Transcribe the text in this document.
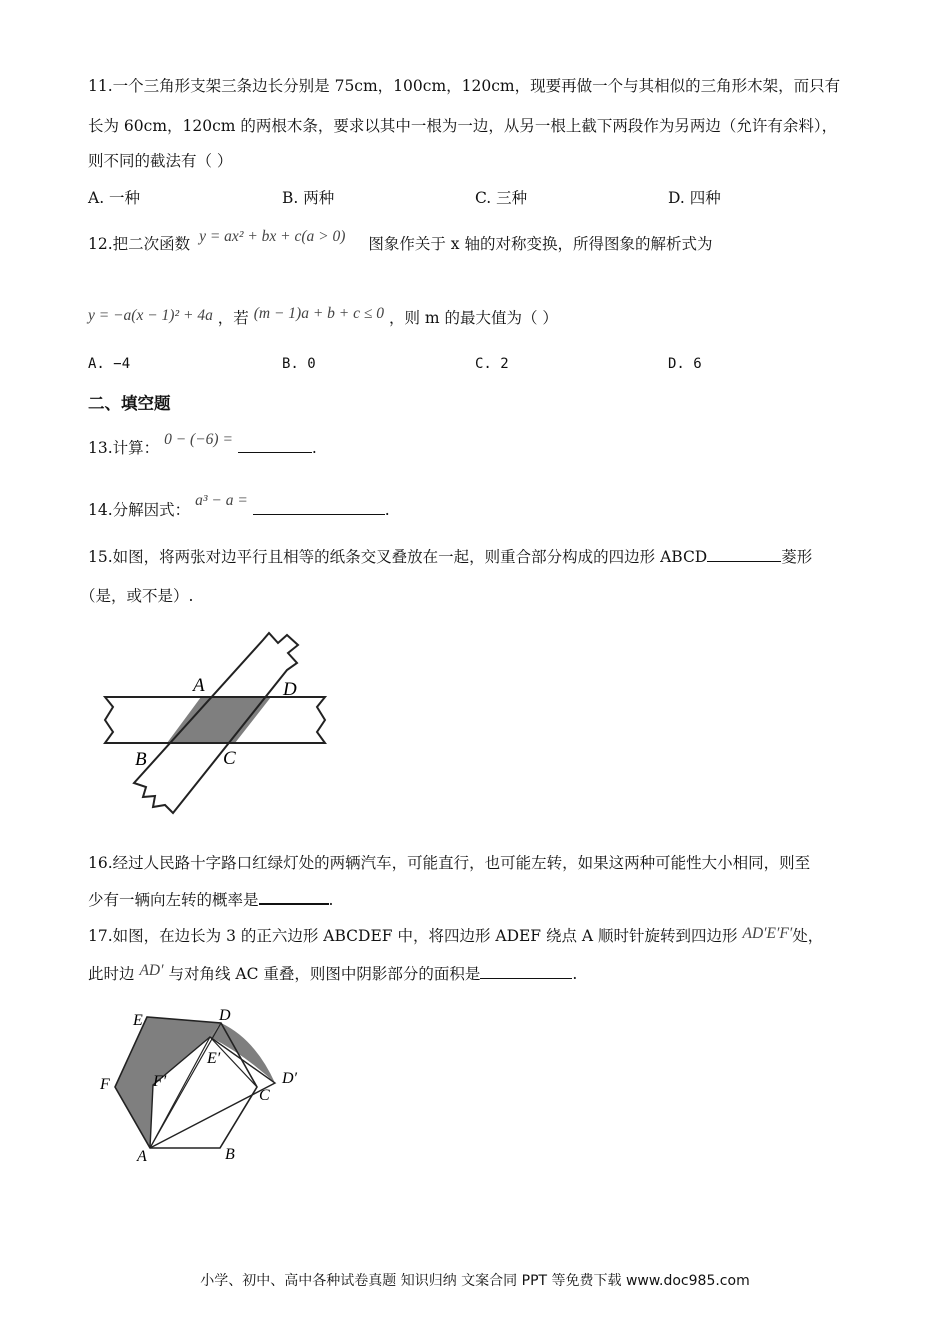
11.一个三角形支架三条边长分别是 75cm，100cm，120cm，现要再做一个与其相似的三角形木架，而只有
长为 60cm，120cm 的两根木条，要求以其中一根为一边，从另一根上截下两段作为另两边（允许有余料），
则不同的截法有（ ）
A. 一种	B. 两种	C. 三种	D. 四种
12.把二次函数 y = ax² + bx + c(a > 0) 图象作关于 x 轴的对称变换，所得图象的解析式为
y = −a(x − 1)² + 4a ，若 (m − 1)a + b + c ≤ 0 ，则 m 的最大值为（ ）
A. −4	B. 0	C. 2	D. 6
二、填空题
13.计算： 0 − (−6) =	.
14.分解因式： a³ − a = .
15.如图，将两张对边平行且相等的纸条交叉叠放在一起，则重合部分构成的四边形 ABCD	菱形
（是，或不是）.
A	D
B	C
16.经过人民路十字路口红绿灯处的两辆汽车，可能直行，也可能左转，如果这两种可能性大小相同，则至
少有一辆向左转的概率是	.
17.如图，在边长为 3 的正六边形 ABCDEF 中，将四边形 ADEF 绕点 A 顺时针旋转到四边形 AD′E′F′处，
此时边 AD′ 与对角线 AC 重叠，则图中阴影部分的面积是	.
E	D
E′
F	F′	D′
C
A	B
小学、初中、高中各种试卷真题 知识归纳 文案合同 PPT 等免费下载 www.doc985.com
